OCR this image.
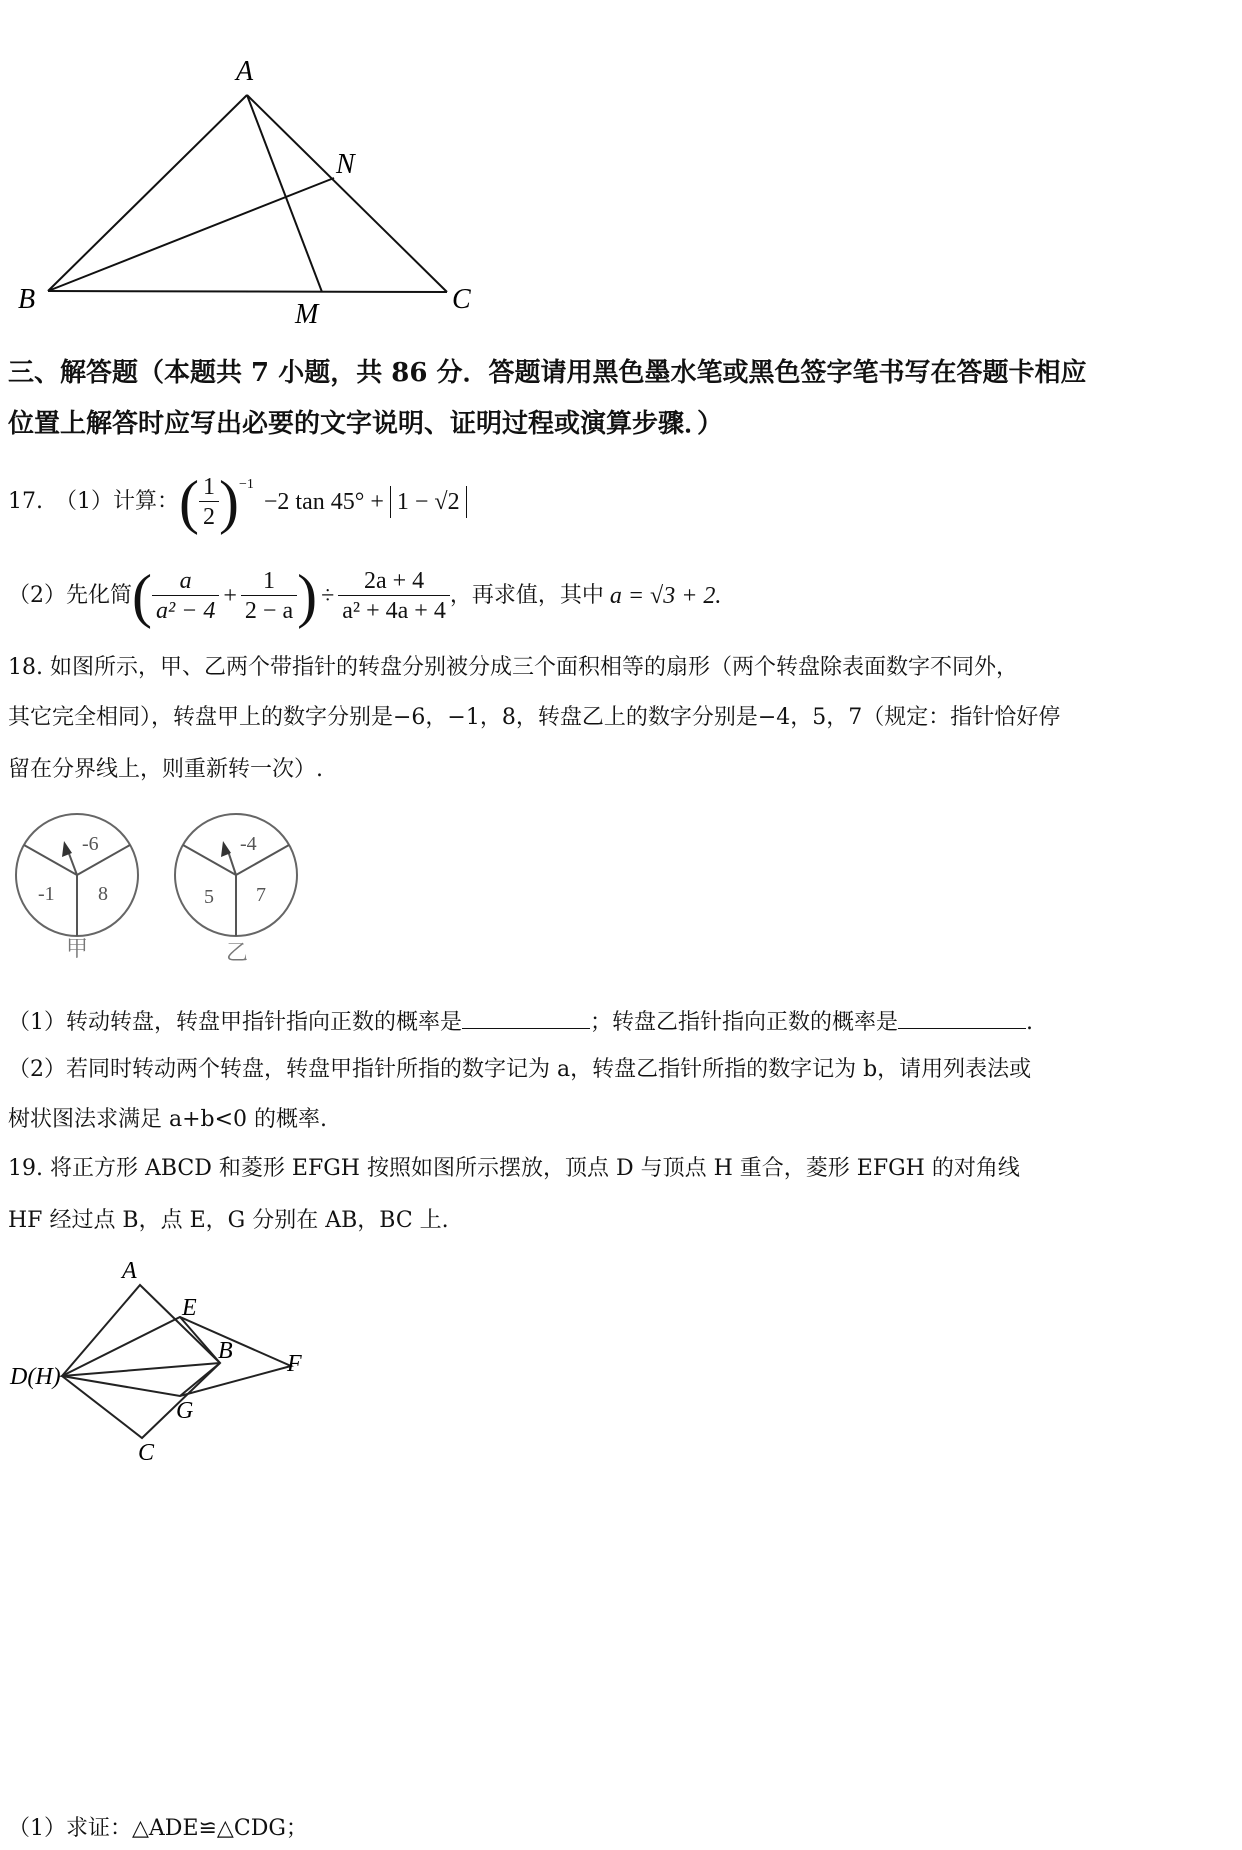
A
N
B	M	C
三、解答题（本题共 7 小题，共 86 分．答题请用黑色墨水笔或黑色签字笔书写在答题卡相应
位置上解答时应写出必要的文字说明、证明过程或演算步骤．）
17. （1）计算： ( $\frac{1}{2}$ ) −1
−2 tan 45° + 1 − √2
（2）先化简 ( $\frac{a}{\text{a² − 4}} + \frac{1}{2 - a}$ ) ÷ $\frac{2a + 4}{\text{a² + 4a + 4}}$ ，再求值，其中 a = √3 + 2.
18. 如图所示，甲、乙两个带指针的转盘分别被分成三个面积相等的扇形（两个转盘除表面数字不同外，
其它完全相同），转盘甲上的数字分别是−6，−1，8，转盘乙上的数字分别是−4，5，7（规定：指针恰好停
留在分界线上，则重新转一次）.
-6
-1 8
甲
-4
5 7
乙
（1）转动转盘，转盘甲指针指向正数的概率是	；转盘乙指针指向正数的概率是	.
（2）若同时转动两个转盘，转盘甲指针所指的数字记为 a，转盘乙指针所指的数字记为 b，请用列表法或
树状图法求满足 a+b<0 的概率.
19. 将正方形 ABCD 和菱形 EFGH 按照如图所示摆放，顶点 D 与顶点 H 重合，菱形 EFGH 的对角线
HF 经过点 B，点 E，G 分别在 AB，BC 上.
A
E
B F
D(H)
G
C
（1）求证：△ADE≌△CDG；
